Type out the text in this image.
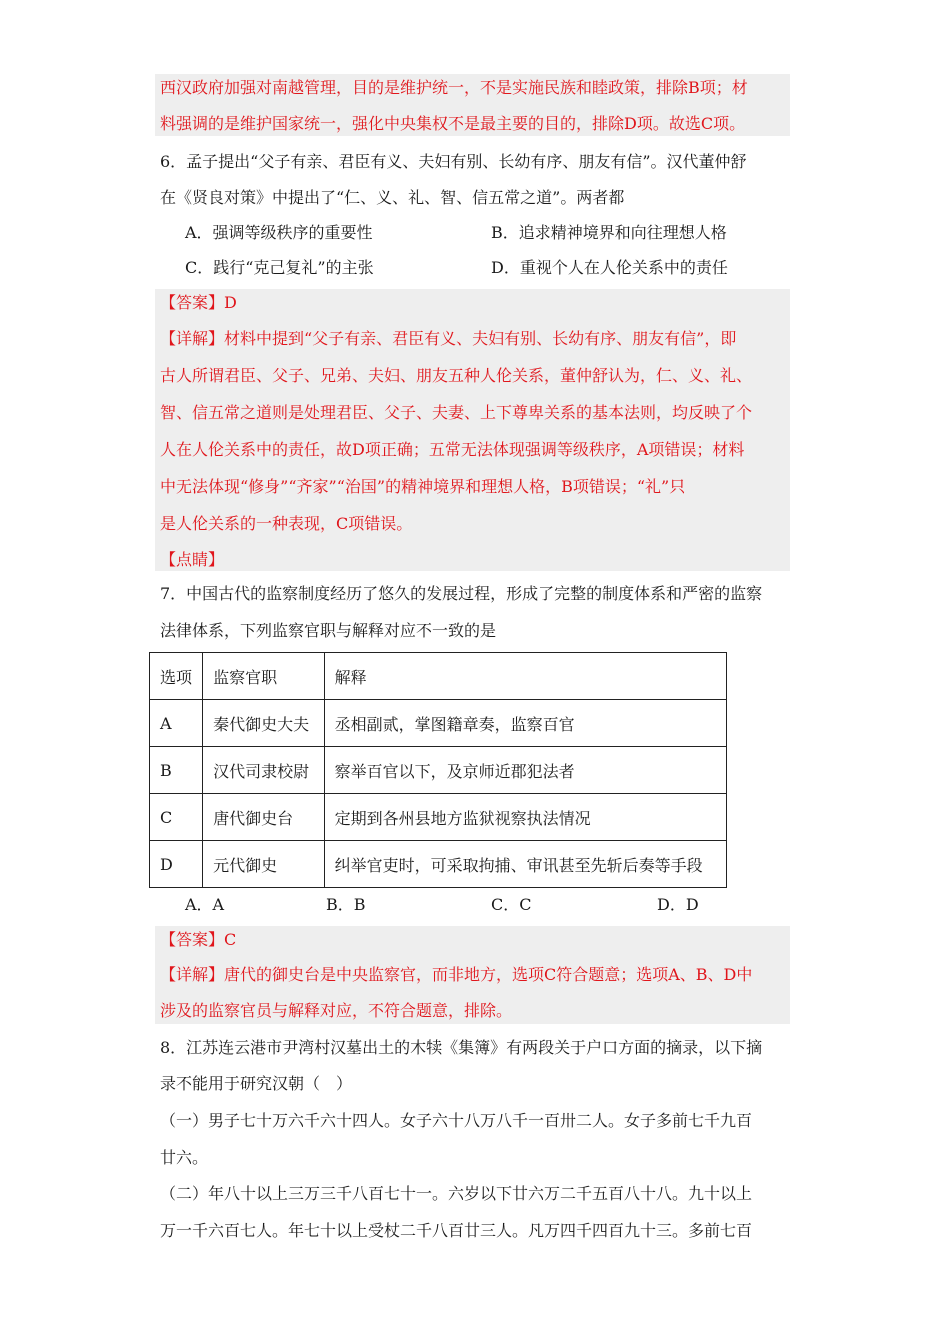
西汉政府加强对南越管理，目的是维护统一，不是实施民族和睦政策，排除B项；材
料强调的是维护国家统一，强化中央集权不是最主要的目的，排除D项。故选C项。
6．孟子提出“父子有亲、君臣有义、夫妇有别、长幼有序、朋友有信”。汉代董仲舒
在《贤良对策》中提出了“仁、义、礼、智、信五常之道”。两者都
A．强调等级秩序的重要性	B．追求精神境界和向往理想人格
C．践行“克己复礼”的主张	D．重视个人在人伦关系中的责任
【答案】D
【详解】材料中提到“父子有亲、君臣有义、夫妇有别、长幼有序、朋友有信”，即
古人所谓君臣、父子、兄弟、夫妇、朋友五种人伦关系，董仲舒认为，仁、义、礼、
智、信五常之道则是处理君臣、父子、夫妻、上下尊卑关系的基本法则，均反映了个
人在人伦关系中的责任，故D项正确；五常无法体现强调等级秩序，A项错误；材料
中无法体现“修身”“齐家”“治国”的精神境界和理想人格，B项错误；“礼”只
是人伦关系的一种表现，C项错误。
【点睛】
7．中国古代的监察制度经历了悠久的发展过程，形成了完整的制度体系和严密的监察
法律体系，下列监察官职与解释对应不一致的是
选项	监察官职	解释
A	秦代御史大夫	丞相副贰，掌图籍章奏，监察百官
B	汉代司隶校尉	察举百官以下，及京师近郡犯法者
C	唐代御史台	定期到各州县地方监狱视察执法情况
D	元代御史	纠举官吏时，可采取拘捕、审讯甚至先斩后奏等手段
A．A	B．B	C．C	D．D
【答案】C
【详解】唐代的御史台是中央监察官，而非地方，选项C符合题意；选项A、B、D中
涉及的监察官员与解释对应，不符合题意，排除。
8．江苏连云港市尹湾村汉墓出土的木犊《集簿》有两段关于户口方面的摘录，以下摘
录不能用于研究汉朝（　）
（一）男子七十万六千六十四人。女子六十八万八千一百卅二人。女子多前七千九百
廿六。
（二）年八十以上三万三千八百七十一。六岁以下廿六万二千五百八十八。九十以上
万一千六百七人。年七十以上受杖二千八百廿三人。凡万四千四百九十三。多前七百
